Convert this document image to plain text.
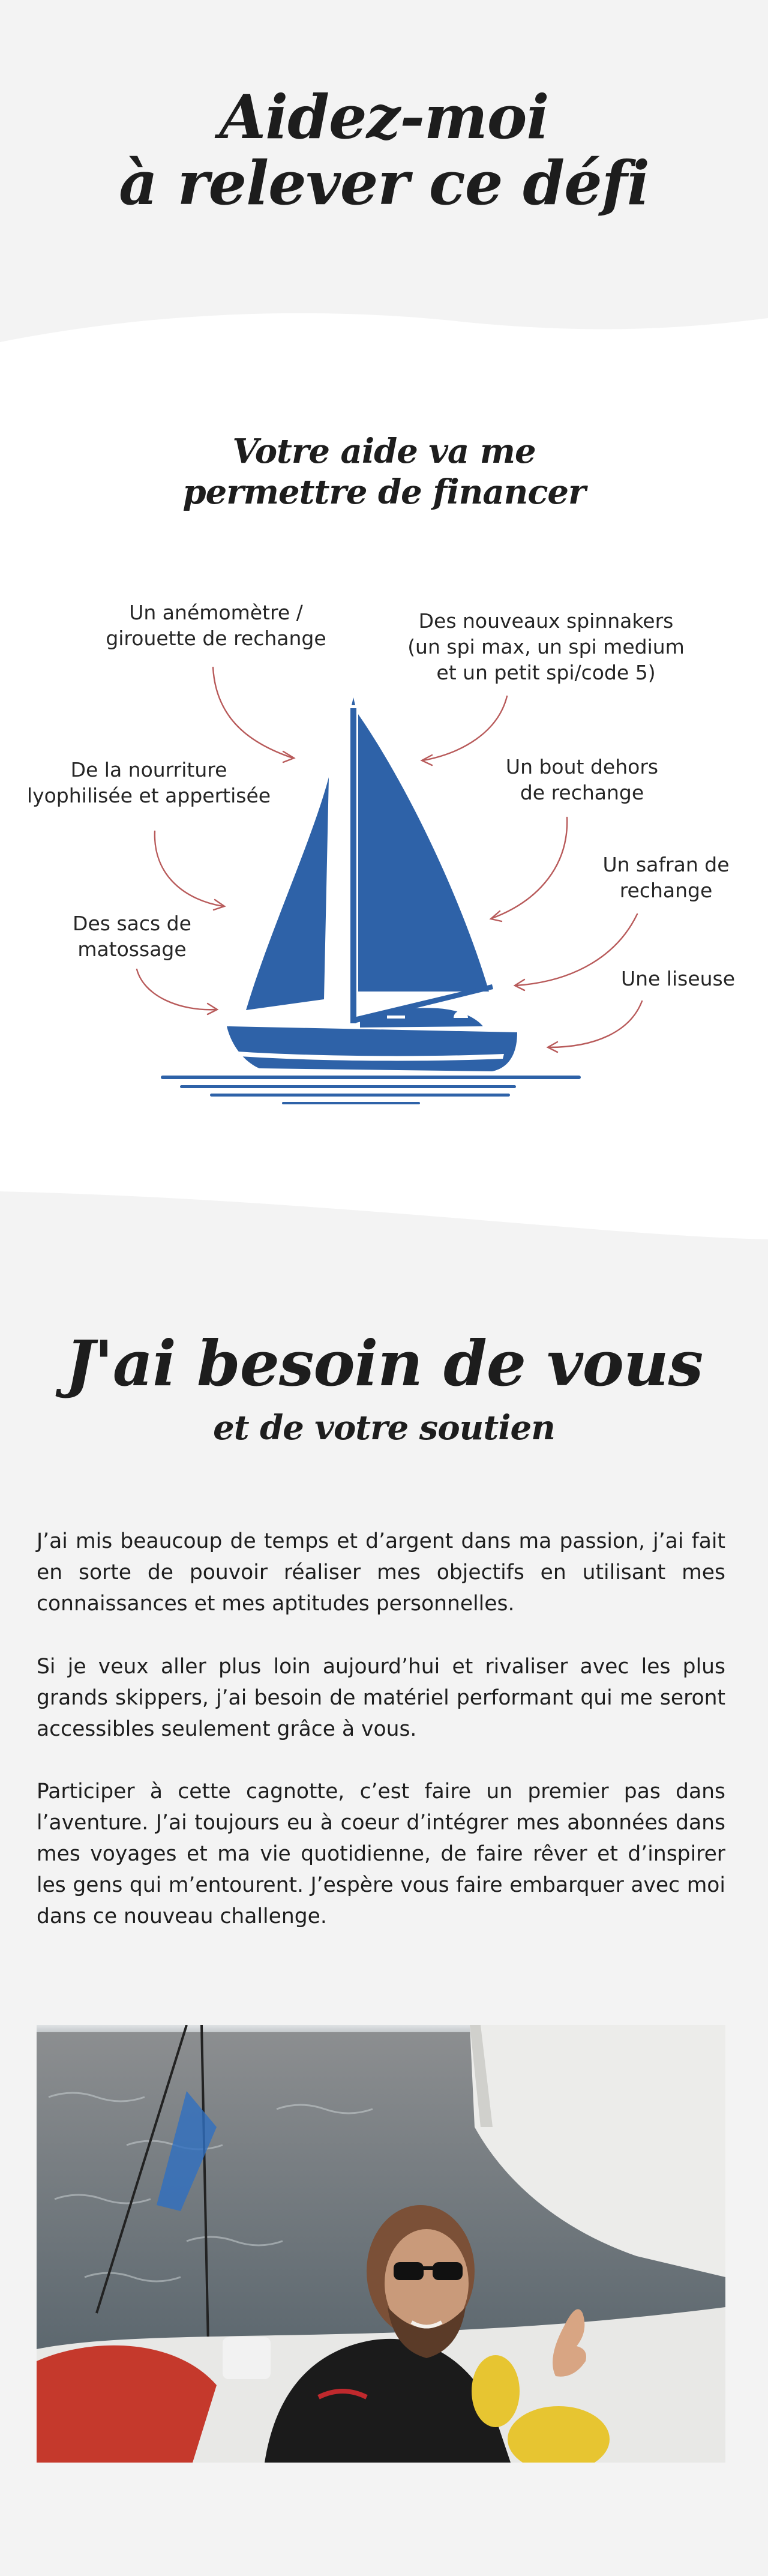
Aidez-moi
à relever ce défi
Votre aide va me
permettre de financer
Un anémomètre /
girouette de rechange
Des nouveaux spinnakers
(un spi max, un spi medium
et un petit spi/code 5)
De la nourriture
lyophilisée et appertisée
Un bout dehors
de rechange
Un safran de
rechange
Des sacs de
matossage
Une liseuse
J'ai besoin de vous
et de votre soutien

J’ai mis beaucoup de temps et d’argent dans ma passion, j’ai fait en sorte de pouvoir réaliser mes objectifs en utilisant mes connaissances et mes aptitudes personnelles.

Si je veux aller plus loin aujourd’hui et rivaliser avec les plus grands skippers, j’ai besoin de matériel performant qui me seront accessibles seulement grâce à vous.

Participer à cette cagnotte, c’est faire un premier pas dans l’aventure. J’ai toujours eu à coeur d’intégrer mes abonnées dans mes voyages et ma vie quotidienne, de faire rêver et d’inspirer les gens qui m’entourent. J’espère vous faire embarquer avec moi dans ce nouveau challenge.
